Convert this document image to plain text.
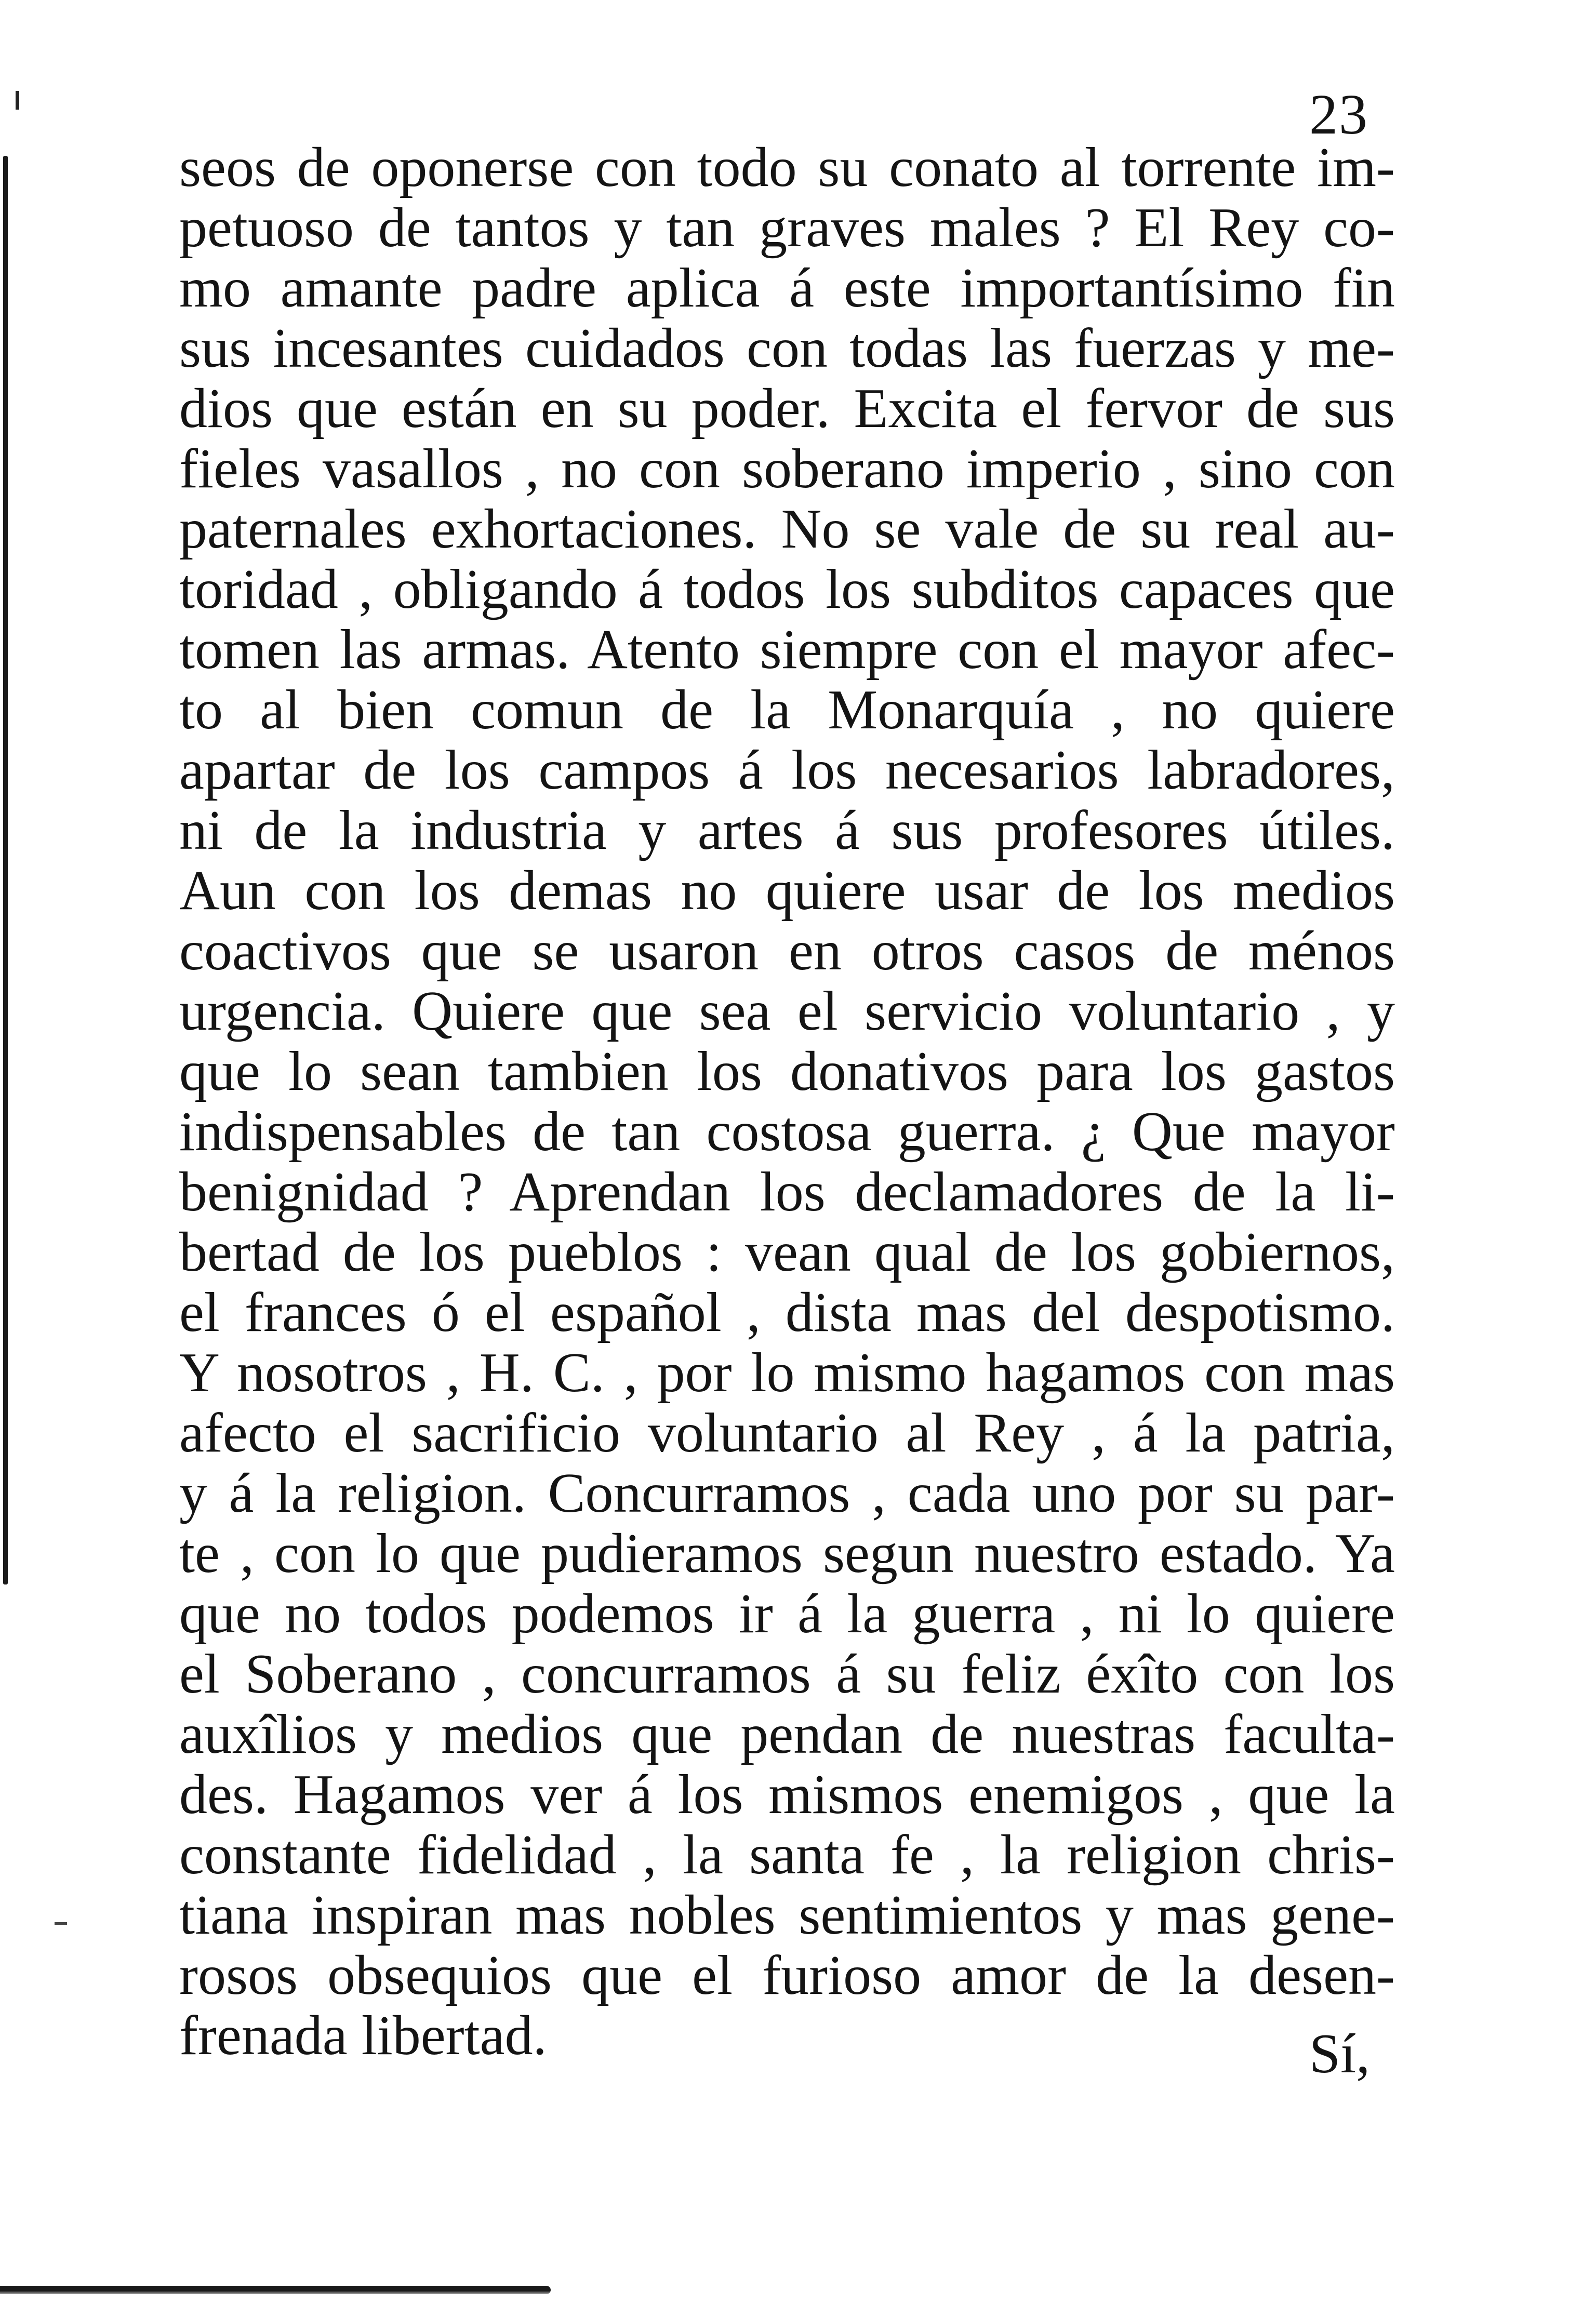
23
seos de oponerse con todo su conato al torrente im-
petuoso de tantos y tan graves males ? El Rey co-
mo amante padre aplica á este importantísimo fin
sus incesantes cuidados con todas las fuerzas y me-
dios que están en su poder. Excita el fervor de sus
fieles vasallos , no con soberano imperio , sino con
paternales exhortaciones. No se vale de su real au-
toridad , obligando á todos los subditos capaces que
tomen las armas. Atento siempre con el mayor afec-
to al bien comun de la Monarquía , no quiere
apartar de los campos á los necesarios labradores,
ni de la industria y artes á sus profesores útiles.
Aun con los demas no quiere usar de los medios
coactivos que se usaron en otros casos de ménos
urgencia. Quiere que sea el servicio voluntario , y
que lo sean tambien los donativos para los gastos
indispensables de tan costosa guerra. ¿ Que mayor
benignidad ? Aprendan los declamadores de la li-
bertad de los pueblos : vean qual de los gobiernos,
el frances ó el español , dista mas del despotismo.
Y nosotros , H. C. , por lo mismo hagamos con mas
afecto el sacrificio voluntario al Rey , á la patria,
y á la religion. Concurramos , cada uno por su par-
te , con lo que pudieramos segun nuestro estado. Ya
que no todos podemos ir á la guerra , ni lo quiere
el Soberano , concurramos á su feliz éxîto con los
auxîlios y medios que pendan de nuestras faculta-
des. Hagamos ver á los mismos enemigos , que la
constante fidelidad , la santa fe , la religion chris-
tiana inspiran mas nobles sentimientos y mas gene-
rosos obsequios que el furioso amor de la desen-
frenada libertad.	Sí,
